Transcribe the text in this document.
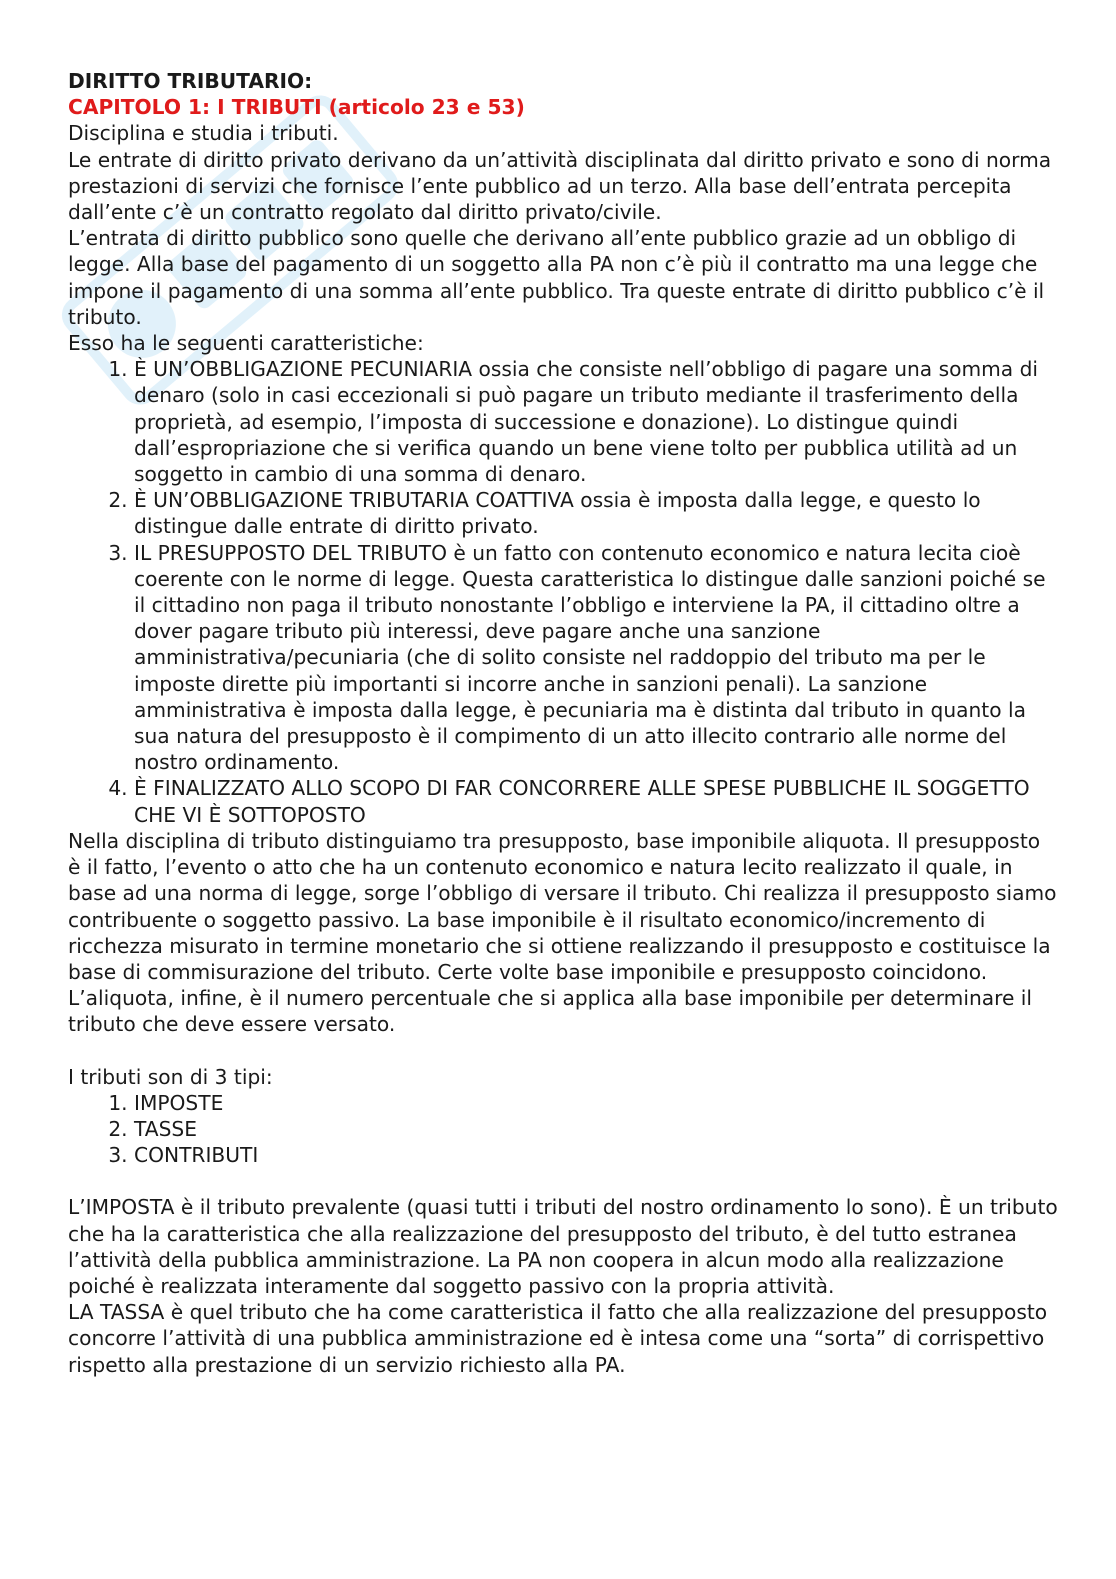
DIRITTO TRIBUTARIO:

CAPITOLO 1: I TRIBUTI (articolo 23 e 53)

Disciplina e studia i tributi.

Le entrate di diritto privato derivano da un’attività disciplinata dal diritto privato e sono di norma prestazioni di servizi che fornisce l’ente pubblico ad un terzo. Alla base dell’entrata percepita dall’ente c’è un contratto regolato dal diritto privato/civile.

L’entrata di diritto pubblico sono quelle che derivano all’ente pubblico grazie ad un obbligo di legge. Alla base del pagamento di un soggetto alla PA non c’è più il contratto ma una legge che impone il pagamento di una somma all’ente pubblico. Tra queste entrate di diritto pubblico c’è il tributo.

Esso ha le seguenti caratteristiche:

1. È UN’OBBLIGAZIONE PECUNIARIA ossia che consiste nell’obbligo di pagare una somma di denaro (solo in casi eccezionali si può pagare un tributo mediante il trasferimento della proprietà, ad esempio, l’imposta di successione e donazione). Lo distingue quindi dall’espropriazione che si verifica quando un bene viene tolto per pubblica utilità ad un soggetto in cambio di una somma di denaro.
2. È UN’OBBLIGAZIONE TRIBUTARIA COATTIVA ossia è imposta dalla legge, e questo lo distingue dalle entrate di diritto privato.
3. IL PRESUPPOSTO DEL TRIBUTO è un fatto con contenuto economico e natura lecita cioè coerente con le norme di legge. Questa caratteristica lo distingue dalle sanzioni poiché se il cittadino non paga il tributo nonostante l’obbligo e interviene la PA, il cittadino oltre a dover pagare tributo più interessi, deve pagare anche una sanzione amministrativa/pecuniaria (che di solito consiste nel raddoppio del tributo ma per le imposte dirette più importanti si incorre anche in sanzioni penali). La sanzione amministrativa è imposta dalla legge, è pecuniaria ma è distinta dal tributo in quanto la sua natura del presupposto è il compimento di un atto illecito contrario alle norme del nostro ordinamento.
4. È FINALIZZATO ALLO SCOPO DI FAR CONCORRERE ALLE SPESE PUBBLICHE IL SOGGETTO CHE VI È SOTTOPOSTO

Nella disciplina di tributo distinguiamo tra presupposto, base imponibile aliquota. Il presupposto è il fatto, l’evento o atto che ha un contenuto economico e natura lecito realizzato il quale, in base ad una norma di legge, sorge l’obbligo di versare il tributo. Chi realizza il presupposto siamo contribuente o soggetto passivo. La base imponibile è il risultato economico/incremento di ricchezza misurato in termine monetario che si ottiene realizzando il presupposto e costituisce la base di commisurazione del tributo. Certe volte base imponibile e presupposto coincidono. L’aliquota, infine, è il numero percentuale che si applica alla base imponibile per determinare il tributo che deve essere versato.

I tributi son di 3 tipi:

1. IMPOSTE
2. TASSE
3. CONTRIBUTI

L’IMPOSTA è il tributo prevalente (quasi tutti i tributi del nostro ordinamento lo sono). È un tributo che ha la caratteristica che alla realizzazione del presupposto del tributo, è del tutto estranea l’attività della pubblica amministrazione. La PA non coopera in alcun modo alla realizzazione poiché è realizzata interamente dal soggetto passivo con la propria attività.

LA TASSA è quel tributo che ha come caratteristica il fatto che alla realizzazione del presupposto concorre l’attività di una pubblica amministrazione ed è intesa come una “sorta” di corrispettivo rispetto alla prestazione di un servizio richiesto alla PA.
